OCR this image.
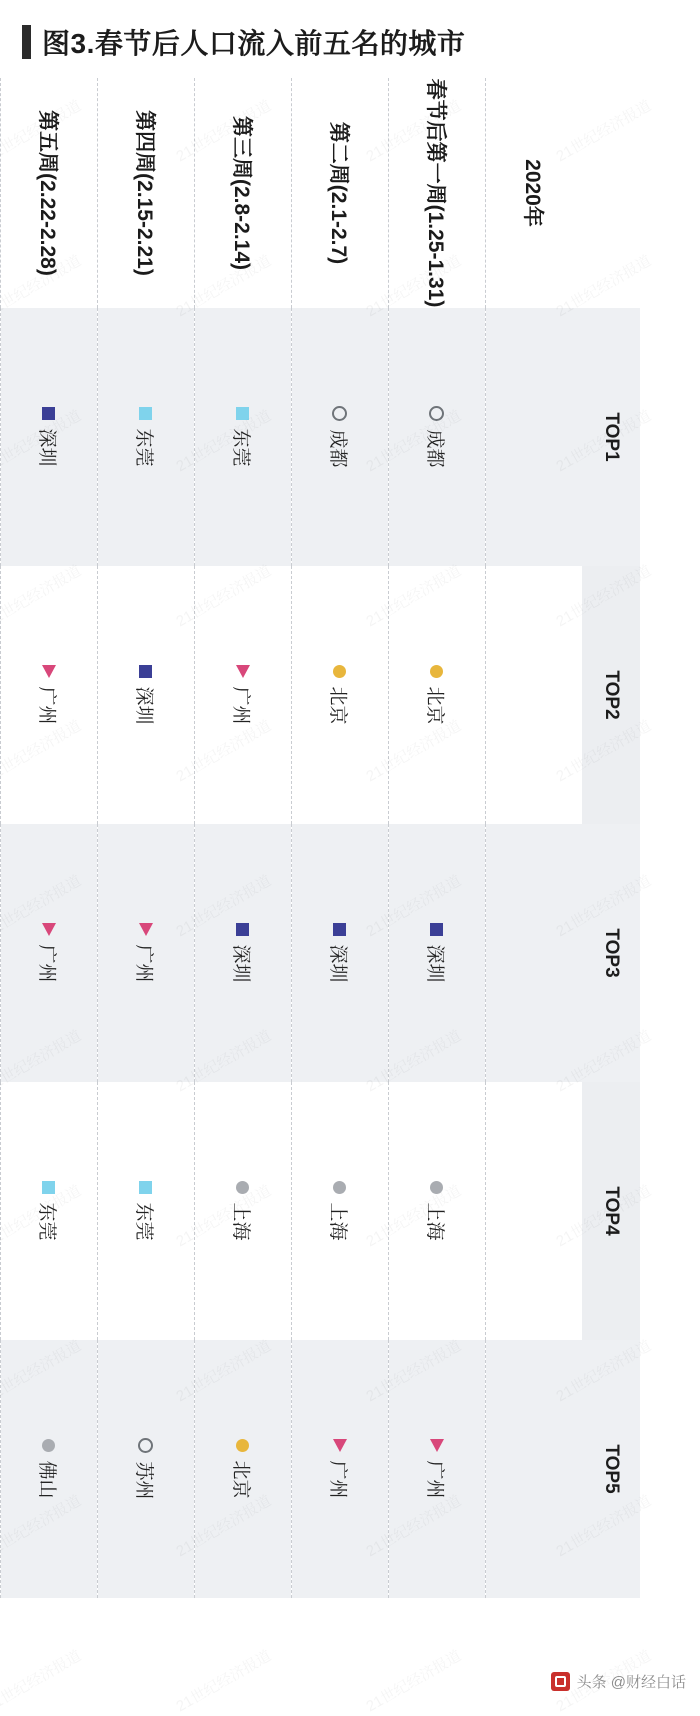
图3.春节后人口流入前五名的城市
	TOP1	TOP2	TOP3	TOP4	TOP5
2020年	

春节后第一周(1.25-1.31)	成都	北京	深圳	上海	广州

第二周(2.1-2.7)	成都	北京	深圳	上海	广州

第三周(2.8-2.14)	东莞	广州	深圳	上海	北京

第四周(2.15-2.21)	东莞	深圳	广州	东莞	苏州

第五周(2.22-2.28)	深圳	广州	广州	东莞	佛山

头条 @财经白话
